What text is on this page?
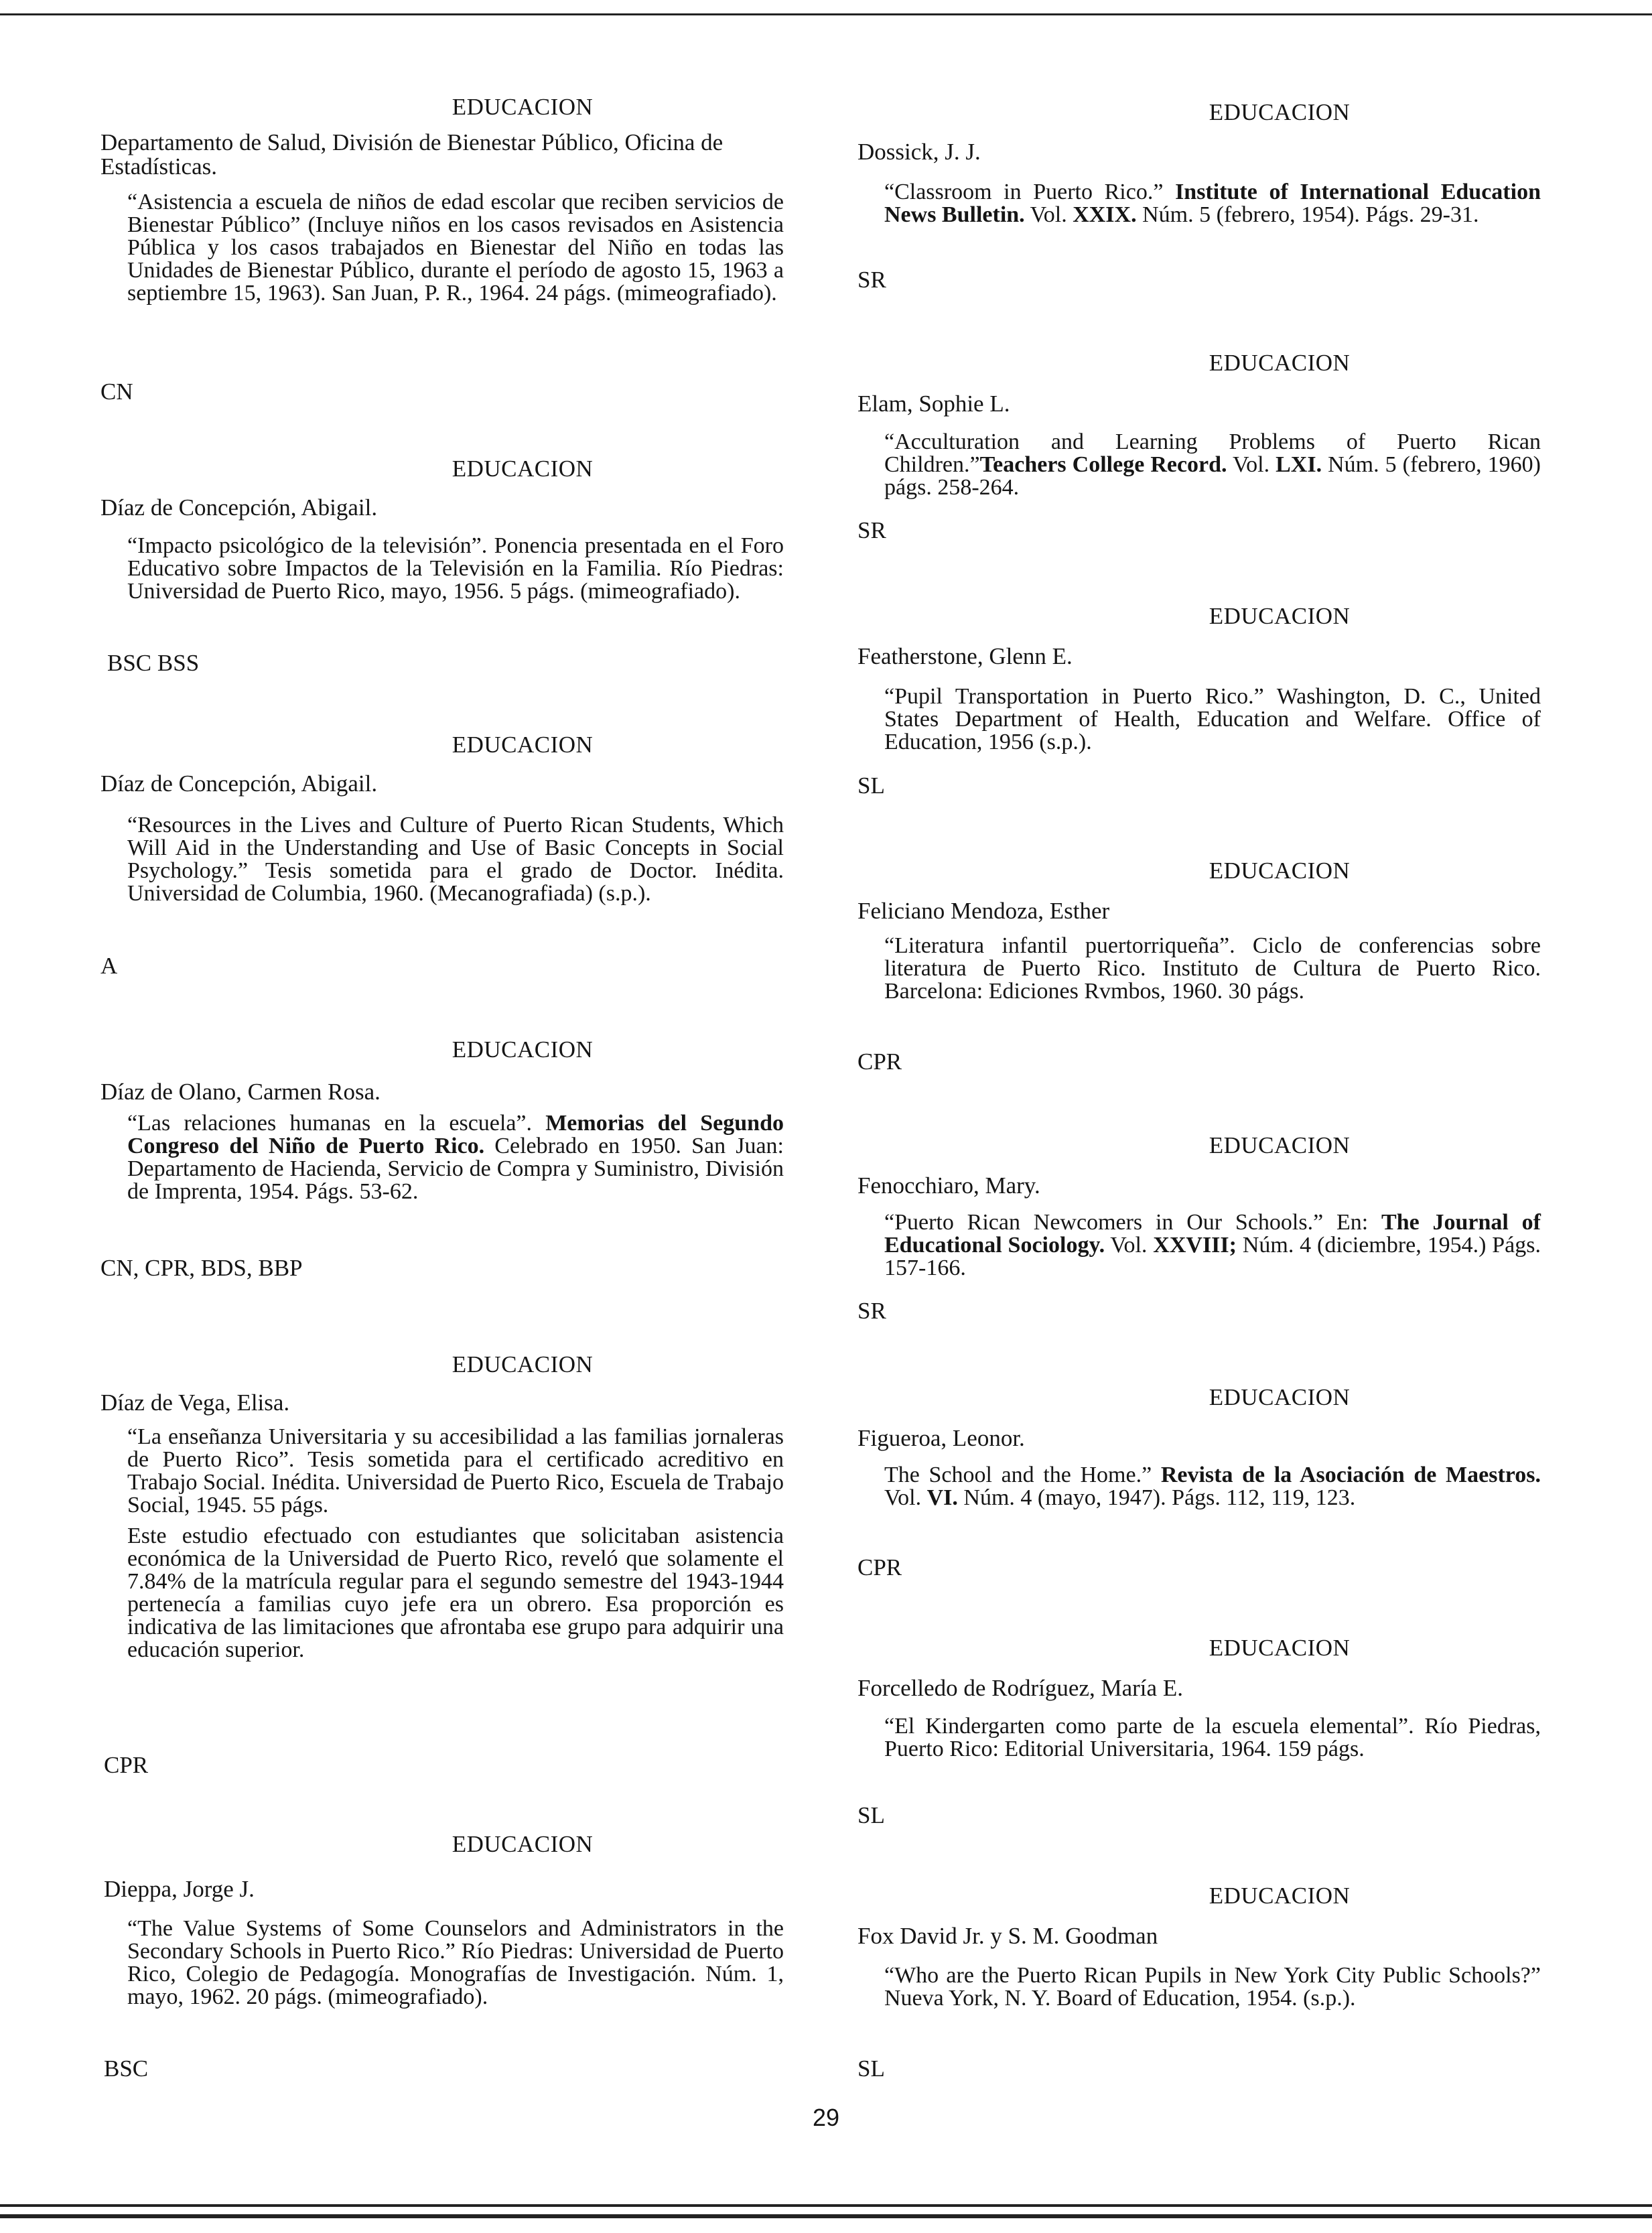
EDUCACION
Departamento de Salud, División de Bienestar Público, Oficina de Estadísticas.

“Asistencia a escuela de niños de edad escolar que reciben servicios de Bienestar Público” (Incluye niños en los casos revisados en Asistencia Pública y los casos trabajados en Bienestar del Niño en todas las Unidades de Bienestar Público, durante el período de agosto 15, 1963 a septiembre 15, 1963). San Juan, P. R., 1964. 24 págs. (mimeografiado).

CN
EDUCACION
Díaz de Concepción, Abigail.

“Impacto psicológico de la televisión”. Ponencia presentada en el Foro Educativo sobre Impactos de la Televisión en la Familia. Río Piedras: Universidad de Puerto Rico, mayo, 1956. 5 págs. (mimeografiado).

BSC BSS
EDUCACION
Díaz de Concepción, Abigail.

“Resources in the Lives and Culture of Puerto Rican Students, Which Will Aid in the Understanding and Use of Basic Concepts in Social Psychology.” Tesis sometida para el grado de Doctor. Inédita. Universidad de Columbia, 1960. (Mecanografiada) (s.p.).

A
EDUCACION
Díaz de Olano, Carmen Rosa.

“Las relaciones humanas en la escuela”. Memorias del Segundo Congreso del Niño de Puerto Rico. Celebrado en 1950. San Juan: Departamento de Hacienda, Servicio de Compra y Suministro, División de Imprenta, 1954. Págs. 53-62.

CN, CPR, BDS, BBP
EDUCACION
Díaz de Vega, Elisa.

“La enseñanza Universitaria y su accesibilidad a las familias jornaleras de Puerto Rico”. Tesis sometida para el certificado acreditivo en Trabajo Social. Inédita. Universidad de Puerto Rico, Escuela de Trabajo Social, 1945. 55 págs.

Este estudio efectuado con estudiantes que solicitaban asistencia económica de la Universidad de Puerto Rico, reveló que solamente el 7.84% de la matrícula regular para el segundo semestre del 1943-1944 pertenecía a familias cuyo jefe era un obrero. Esa proporción es indicativa de las limitaciones que afrontaba ese grupo para adquirir una educación superior.

CPR
EDUCACION
Dieppa, Jorge J.

“The Value Systems of Some Counselors and Administrators in the Secondary Schools in Puerto Rico.” Río Piedras: Universidad de Puerto Rico, Colegio de Pedagogía. Monografías de Investigación. Núm. 1, mayo, 1962. 20 págs. (mimeografiado).

BSC
EDUCACION
Dossick, J. J.

“Classroom in Puerto Rico.” Institute of International Education News Bulletin. Vol. XXIX. Núm. 5 (febrero, 1954). Págs. 29-31.

SR
EDUCACION
Elam, Sophie L.

“Acculturation and Learning Problems of Puerto Rican Children.”Teachers College Record. Vol. LXI. Núm. 5 (febrero, 1960) págs. 258-264.

SR
EDUCACION
Featherstone, Glenn E.

“Pupil Transportation in Puerto Rico.” Washington, D. C., United States Department of Health, Education and Welfare. Office of Education, 1956 (s.p.).

SL
EDUCACION
Feliciano Mendoza, Esther

“Literatura infantil puertorriqueña”. Ciclo de conferencias sobre literatura de Puerto Rico. Instituto de Cultura de Puerto Rico. Barcelona: Ediciones Rvmbos, 1960. 30 págs.

CPR
EDUCACION
Fenocchiaro, Mary.

“Puerto Rican Newcomers in Our Schools.” En: The Journal of Educational Sociology. Vol. XXVIII; Núm. 4 (diciembre, 1954.) Págs. 157-166.

SR
EDUCACION
Figueroa, Leonor.

The School and the Home.” Revista de la Asociación de Maestros. Vol. VI. Núm. 4 (mayo, 1947). Págs. 112, 119, 123.

CPR
EDUCACION
Forcelledo de Rodríguez, María E.

“El Kindergarten como parte de la escuela elemental”. Río Piedras, Puerto Rico: Editorial Universitaria, 1964. 159 págs.

SL
EDUCACION
Fox David Jr. y S. M. Goodman

“Who are the Puerto Rican Pupils in New York City Public Schools?” Nueva York, N. Y. Board of Education, 1954. (s.p.).

SL
29
